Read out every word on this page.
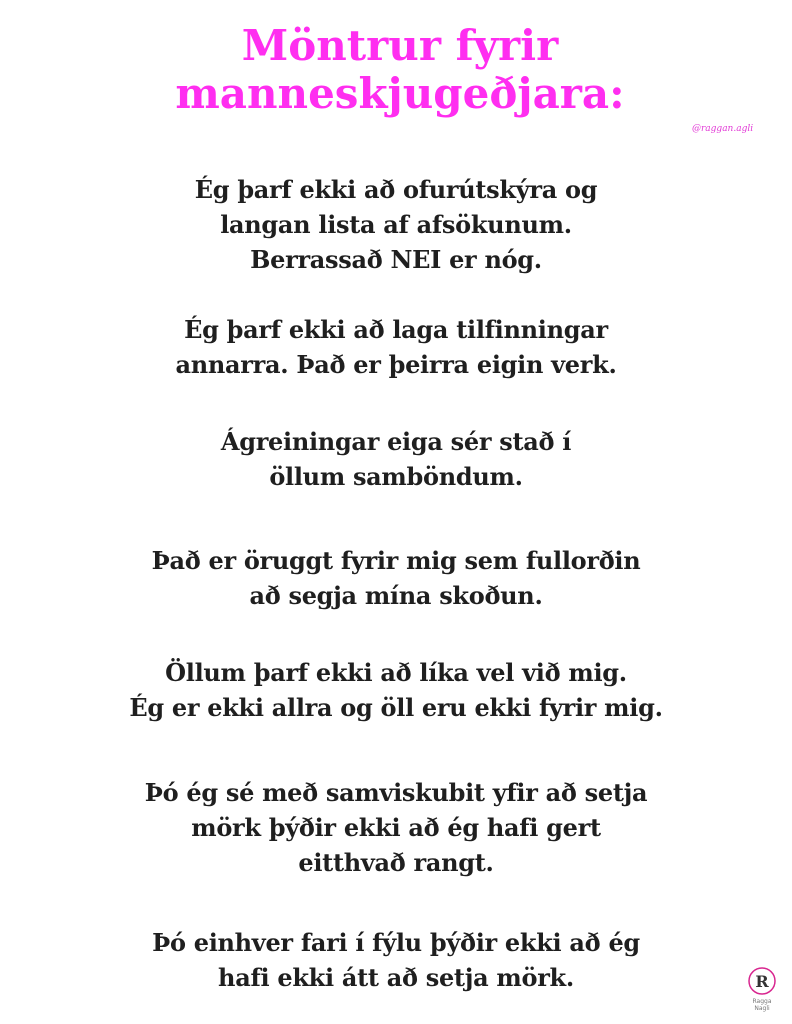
Möntrur fyrir
manneskjugeðjara:
@raggan.agli

Ég þarf ekki að ofurútskýra og
langan lista af afsökunum.
Berrassað NEI er nóg.

Ég þarf ekki að laga tilfinningar
annarra. Það er þeirra eigin verk.

Ágreiningar eiga sér stað í
öllum samböndum.

Það er öruggt fyrir mig sem fullorðin
að segja mína skoðun.

Öllum þarf ekki að líka vel við mig.
Ég er ekki allra og öll eru ekki fyrir mig.

Þó ég sé með samviskubit yfir að setja
mörk þýðir ekki að ég hafi gert
eitthvað rangt.

Þó einhver fari í fýlu þýðir ekki að ég
hafi ekki átt að setja mörk.	R
Ragga
Nagli
